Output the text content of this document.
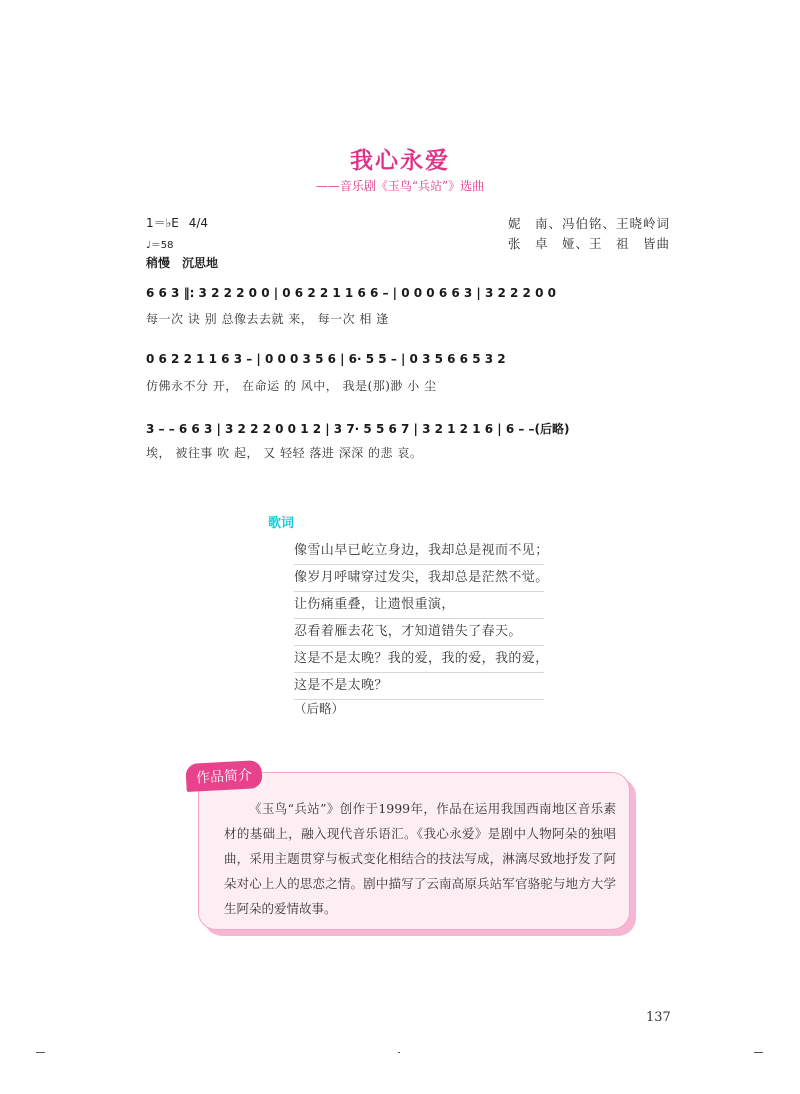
我心永爱
——音乐剧《玉鸟“兵站”》选曲
1＝♭E 4/4
♩＝58
稍慢　沉思地
妮　南、冯伯铭、王晓岭词
张　卓　娅、王　祖　皆曲
6 6 3 ‖: 3 2 2 2 0 0 | 0 6 2 2 1 1 6 6 – | 0 0 0 6 6 3 | 3 2 2 2 0 0
每一次 诀 别 总像去去就 来， 每一次 相 逢
0 6 2 2 1 1 6 3 – | 0 0 0 3 5 6 | 6· 5 5 – | 0 3 5 6 6 5 3 2
仿佛永不分 开， 在命运 的 风中， 我是(那)渺 小 尘
3 – – 6 6 3 | 3 2 2 2 0 0 1 2 | 3 7· 5 5 6 7 | 3 2 1 2 1 6 | 6 – –(后略)
埃， 被往事 吹 起， 又 轻轻 落进 深深 的悲 哀。
歌词
像雪山早已屹立身边，我却总是视而不见；
像岁月呼啸穿过发尖，我却总是茫然不觉。
让伤痛重叠，让遗恨重演，
忍看着雁去花飞，才知道错失了春天。
这是不是太晚？我的爱，我的爱，我的爱，
这是不是太晚？
（后略）
作品简介
《玉鸟“兵站”》创作于1999年，作品在运用我国西南地区音乐素材的基础上，融入现代音乐语汇。《我心永爱》是剧中人物阿朵的独唱曲，采用主题贯穿与板式变化相结合的技法写成，淋漓尽致地抒发了阿朵对心上人的思恋之情。剧中描写了云南高原兵站军官骆驼与地方大学生阿朵的爱情故事。
137
